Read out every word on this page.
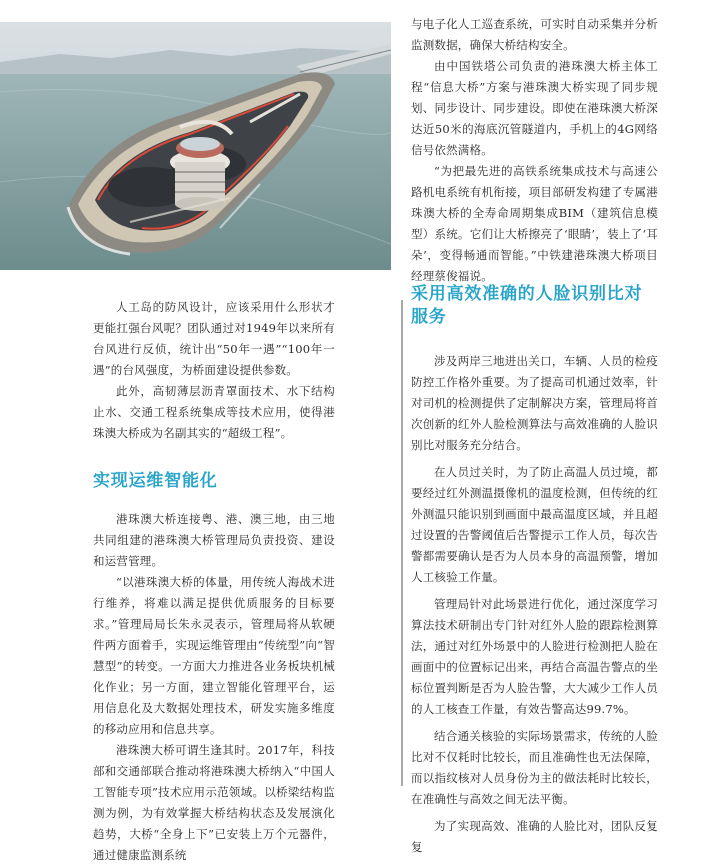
与电子化人工巡查系统，可实时自动采集并分析监测数据，确保大桥结构安全。

由中国铁塔公司负责的港珠澳大桥主体工程“信息大桥”方案与港珠澳大桥实现了同步规划、同步设计、同步建设。即使在港珠澳大桥深达近50米的海底沉管隧道内，手机上的4G网络信号依然满格。

“为把最先进的高铁系统集成技术与高速公路机电系统有机衔接，项目部研发构建了专属港珠澳大桥的全寿命周期集成BIM（建筑信息模型）系统。它们让大桥擦亮了‘眼睛’，装上了‘耳朵’，变得畅通而智能。”中铁建港珠澳大桥项目经理蔡俊福说。

人工岛的防风设计，应该采用什么形状才更能扛强台风呢？团队通过对1949年以来所有台风进行反侦，统计出“50年一遇”“100年一遇”的台风强度，为桥面建设提供参数。

此外，高韧薄层沥青罩面技术、水下结构止水、交通工程系统集成等技术应用，使得港珠澳大桥成为名副其实的“超级工程”。

实现运维智能化

港珠澳大桥连接粤、港、澳三地，由三地共同组建的港珠澳大桥管理局负责投资、建设和运营管理。

“以港珠澳大桥的体量，用传统人海战术进行维养，将难以满足提供优质服务的目标要求。”管理局局长朱永灵表示，管理局将从软硬件两方面着手，实现运维管理由“传统型”向“智慧型”的转变。一方面大力推进各业务板块机械化作业；另一方面，建立智能化管理平台，运用信息化及大数据处理技术，研发实施多维度的移动应用和信息共享。

港珠澳大桥可谓生逢其时。2017年，科技部和交通部联合推动将港珠澳大桥纳入“中国人工智能专项”技术应用示范领域。以桥梁结构监测为例，为有效掌握大桥结构状态及发展演化趋势，大桥“全身上下”已安装上万个元器件，通过健康监测系统

采用高效准确的人脸识别比对服务

涉及两岸三地进出关口，车辆、人员的检疫防控工作格外重要。为了提高司机通过效率，针对司机的检测提供了定制解决方案，管理局将首次创新的红外人脸检测算法与高效准确的人脸识别比对服务充分结合。

在人员过关时，为了防止高温人员过境，都要经过红外测温摄像机的温度检测，但传统的红外测温只能识别到画面中最高温度区域，并且超过设置的告警阈值后告警提示工作人员，每次告警都需要确认是否为人员本身的高温预警，增加人工核验工作量。

管理局针对此场景进行优化，通过深度学习算法技术研制出专门针对红外人脸的跟踪检测算法，通过对红外场景中的人脸进行检测把人脸在画面中的位置标记出来，再结合高温告警点的坐标位置判断是否为人脸告警，大大减少工作人员的人工核查工作量，有效告警高达99.7%。

结合通关核验的实际场景需求，传统的人脸比对不仅耗时比较长，而且准确性也无法保障，而以指纹核对人员身份为主的做法耗时比较长，在准确性与高效之间无法平衡。

为了实现高效、准确的人脸比对，团队反复复
